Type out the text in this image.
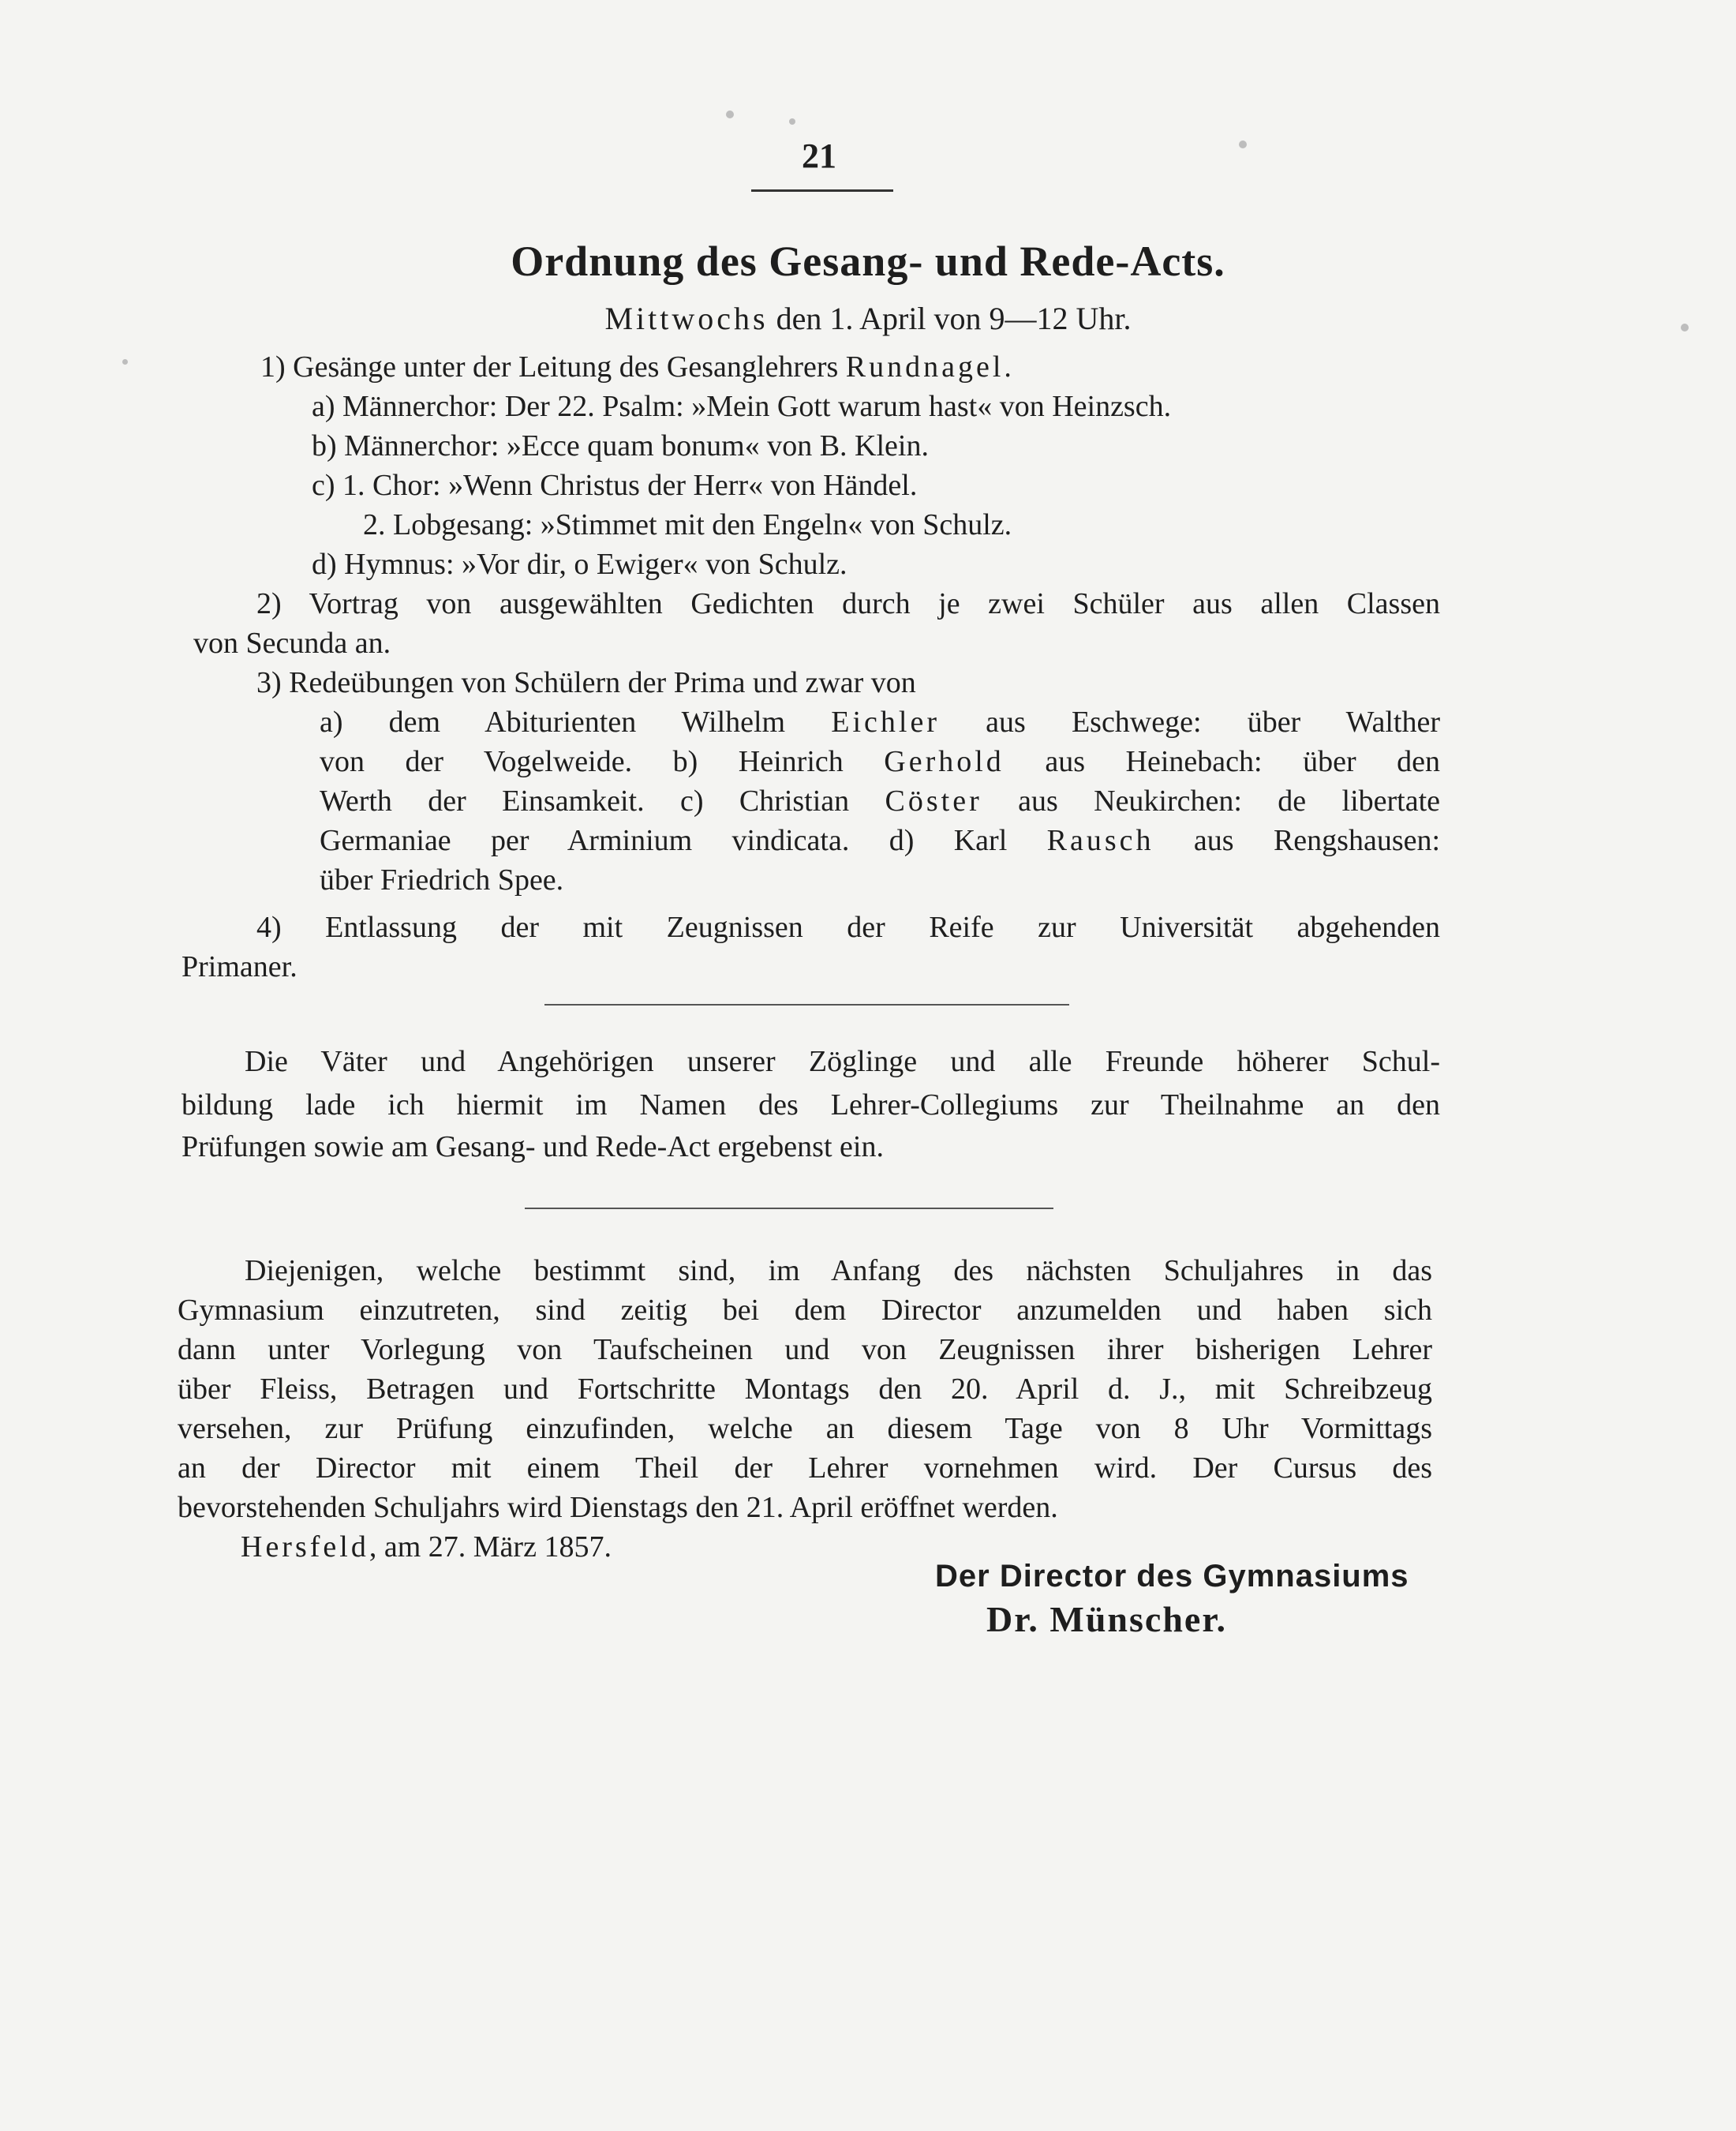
21
Ordnung des Gesang- und Rede-Acts.
Mittwochs den 1. April von 9—12 Uhr.
1) Gesänge unter der Leitung des Gesanglehrers Rundnagel.
a) Männerchor: Der 22. Psalm: »Mein Gott warum hast« von Heinzsch.
b) Männerchor: »Ecce quam bonum« von B. Klein.
c) 1. Chor: »Wenn Christus der Herr« von Händel.
2. Lobgesang: »Stimmet mit den Engeln« von Schulz.
d) Hymnus: »Vor dir, o Ewiger« von Schulz.
2) Vortrag von ausgewählten Gedichten durch je zwei Schüler aus allen Classen
von Secunda an.
3) Redeübungen von Schülern der Prima und zwar von
a) dem Abiturienten Wilhelm Eichler aus Eschwege: über Walther
von der Vogelweide. b) Heinrich Gerhold aus Heinebach: über den
Werth der Einsamkeit. c) Christian Cöster aus Neukirchen: de libertate
Germaniae per Arminium vindicata. d) Karl Rausch aus Rengshausen:
über Friedrich Spee.
4) Entlassung der mit Zeugnissen der Reife zur Universität abgehenden
Primaner.
Die Väter und Angehörigen unserer Zöglinge und alle Freunde höherer Schul-
bildung lade ich hiermit im Namen des Lehrer-Collegiums zur Theilnahme an den
Prüfungen sowie am Gesang- und Rede-Act ergebenst ein.
Diejenigen, welche bestimmt sind, im Anfang des nächsten Schuljahres in das
Gymnasium einzutreten, sind zeitig bei dem Director anzumelden und haben sich
dann unter Vorlegung von Taufscheinen und von Zeugnissen ihrer bisherigen Lehrer
über Fleiss, Betragen und Fortschritte Montags den 20. April d. J., mit Schreibzeug
versehen, zur Prüfung einzufinden, welche an diesem Tage von 8 Uhr Vormittags
an der Director mit einem Theil der Lehrer vornehmen wird. Der Cursus des
bevorstehenden Schuljahrs wird Dienstags den 21. April eröffnet werden.
Hersfeld, am 27. März 1857.
Der Director des Gymnasiums
Dr. Münscher.
